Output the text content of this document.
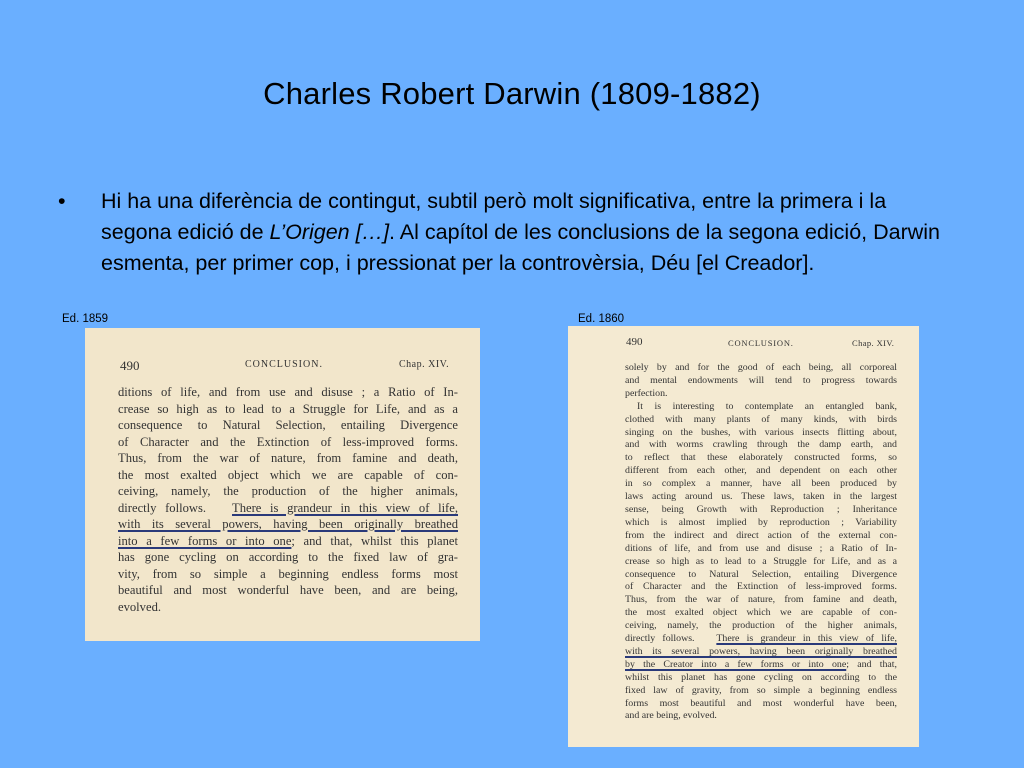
Charles Robert Darwin (1809-1882)
• Hi ha una diferència de contingut, subtil però molt significativa, entre la primera i la segona edició de L’Origen […]. Al capítol de les conclusions de la segona edició, Darwin esmenta, per primer cop, i pressionat per la controvèrsia, Déu [el Creador].
Ed. 1859	Ed. 1860
490	CONCLUSION.	Chap. XIV.
ditions of life, and from use and disuse ; a Ratio of In-
crease so high as to lead to a Struggle for Life, and as a
consequence to Natural Selection, entailing Divergence
of Character and the Extinction of less-improved forms.
Thus, from the war of nature, from famine and death,
the most exalted object which we are capable of con-
ceiving, namely, the production of the higher animals,
directly follows. There is grandeur in this view of life,
with its several powers, having been originally breathed
into a few forms or into one; and that, whilst this planet
has gone cycling on according to the fixed law of gra-
vity, from so simple a beginning endless forms most
beautiful and most wonderful have been, and are being,
evolved.
490	CONCLUSION.	Chap. XIV.
solely by and for the good of each being, all corporeal
and mental endowments will tend to progress towards
perfection.
It is interesting to contemplate an entangled bank,
clothed with many plants of many kinds, with birds
singing on the bushes, with various insects flitting about,
and with worms crawling through the damp earth, and
to reflect that these elaborately constructed forms, so
different from each other, and dependent on each other
in so complex a manner, have all been produced by
laws acting around us. These laws, taken in the largest
sense, being Growth with Reproduction ; Inheritance
which is almost implied by reproduction ; Variability
from the indirect and direct action of the external con-
ditions of life, and from use and disuse ; a Ratio of In-
crease so high as to lead to a Struggle for Life, and as a
consequence to Natural Selection, entailing Divergence
of Character and the Extinction of less-improved forms.
Thus, from the war of nature, from famine and death,
the most exalted object which we are capable of con-
ceiving, namely, the production of the higher animals,
directly follows. There is grandeur in this view of life,
with its several powers, having been originally breathed
by the Creator into a few forms or into one; and that,
whilst this planet has gone cycling on according to the
fixed law of gravity, from so simple a beginning endless
forms most beautiful and most wonderful have been,
and are being, evolved.
